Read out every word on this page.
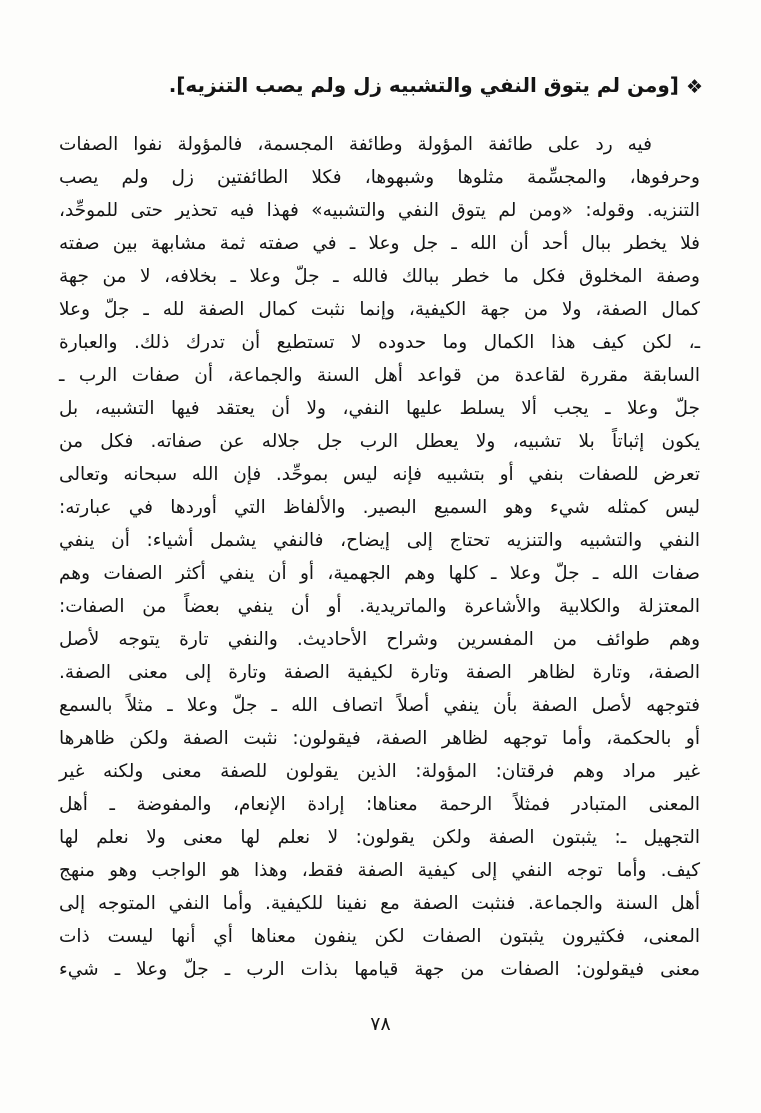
❖[ومن لم يتوق النفي والتشبيه زل ولم يصب التنزيه].
فيه رد على طائفة المؤولة وطائفة المجسمة، فالمؤولة نفوا الصفات
وحرفوها، والمجسِّمة مثلوها وشبهوها، فكلا الطائفتين زل ولم يصب
التنزيه. وقوله: «ومن لم يتوق النفي والتشبيه» فهذا فيه تحذير حتى للموحِّد،
فلا يخطر ببال أحد أن الله ـ جل وعلا ـ في صفته ثمة مشابهة بين صفته
وصفة المخلوق فكل ما خطر ببالك فالله ـ جلّ وعلا ـ بخلافه، لا من جهة
كمال الصفة، ولا من جهة الكيفية، وإنما نثبت كمال الصفة لله ـ جلّ وعلا
ـ، لكن كيف هذا الكمال وما حدوده لا تستطيع أن تدرك ذلك. والعبارة
السابقة مقررة لقاعدة من قواعد أهل السنة والجماعة، أن صفات الرب ـ
جلّ وعلا ـ يجب ألا يسلط عليها النفي، ولا أن يعتقد فيها التشبيه، بل
يكون إثباتاً بلا تشبيه، ولا يعطل الرب جل جلاله عن صفاته. فكل من
تعرض للصفات بنفي أو بتشبيه فإنه ليس بموحِّد. فإن الله سبحانه وتعالى
ليس كمثله شيء وهو السميع البصير. والألفاظ التي أوردها في عبارته:
النفي والتشبيه والتنزيه تحتاج إلى إيضاح، فالنفي يشمل أشياء: أن ينفي
صفات الله ـ جلّ وعلا ـ كلها وهم الجهمية، أو أن ينفي أكثر الصفات وهم
المعتزلة والكلابية والأشاعرة والماتريدية. أو أن ينفي بعضاً من الصفات:
وهم طوائف من المفسرين وشراح الأحاديث. والنفي تارة يتوجه لأصل
الصفة، وتارة لظاهر الصفة وتارة لكيفية الصفة وتارة إلى معنى الصفة.
فتوجهه لأصل الصفة بأن ينفي أصلاً اتصاف الله ـ جلّ وعلا ـ مثلاً بالسمع
أو بالحكمة، وأما توجهه لظاهر الصفة، فيقولون: نثبت الصفة ولكن ظاهرها
غير مراد وهم فرقتان: المؤولة: الذين يقولون للصفة معنى ولكنه غير
المعنى المتبادر فمثلاً الرحمة معناها: إرادة الإنعام، والمفوضة ـ أهل
التجهيل ـ: يثبتون الصفة ولكن يقولون: لا نعلم لها معنى ولا نعلم لها
كيف. وأما توجه النفي إلى كيفية الصفة فقط، وهذا هو الواجب وهو منهج
أهل السنة والجماعة. فنثبت الصفة مع نفينا للكيفية. وأما النفي المتوجه إلى
المعنى، فكثيرون يثبتون الصفات لكن ينفون معناها أي أنها ليست ذات
معنى فيقولون: الصفات من جهة قيامها بذات الرب ـ جلّ وعلا ـ شيء
٧٨
